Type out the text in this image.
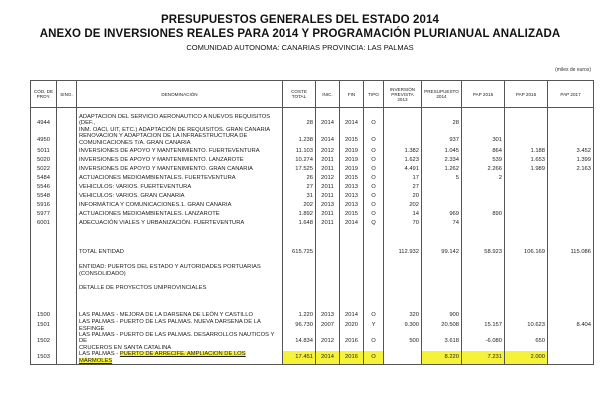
PRESUPUESTOS GENERALES DEL ESTADO 2014
ANEXO DE INVERSIONES REALES PARA 2014 Y PROGRAMACIÓN PLURIANUAL ANALIZADA
COMUNIDAD AUTONOMA: CANARIAS PROVINCIA: LAS PALMAS
(miles de euros)
CÓD. DE PROY.	SING.	DENOMINACIÓN	COSTE TOTAL	INIC.	FIN	TIPO	INVERSIÓN PREVISTA 2013	PRESUPUESTO 2014	PAP 2015	PAP 2016	PAP 2017

4944		ADAPTACIÓN DEL SERVICIO AERONÁUTICO A NUEVOS REQUISITOS (DEF.,
INM. OACI, UIT, ETC.) ADAPTACIÓN DE REQUISITOS. GRAN CANARIA	28	2014	2014	O		28			
4950		RENOVACIÓN Y ADAPTACIÓN DE LA INFRAESTRUCTURA DE
COMUNICACIONES T/A. GRAN CANARIA	1.238	2014	2015	O		937	301		
5011		INVERSIONES DE APOYO Y MANTENIMIENTO. FUERTEVENTURA	11.103	2012	2019	O	1.382	1.045	864	1.188	3.452
5020		INVERSIONES DE APOYO Y MANTENIMIENTO. LANZAROTE	10.274	2011	2019	O	1.623	2.334	539	1.653	1.399
5022		INVERSIONES DE APOYO Y MANTENIMIENTO. GRAN CANARIA	17.525	2011	2019	O	4.491	1.262	2.266	1.989	2.163
5484		ACTUACIONES MEDIOAMBIENTALES. FUERTEVENTURA	26	2012	2015	O	17	5	2		
5546		VEHICULOS: VARIOS. FUERTEVENTURA	27	2011	2013	O	27				
5548		VEHICULOS: VARIOS. GRAN CANARIA	31	2011	2013	O	20				
5916		INFORMÁTICA Y COMUNICACIONES.1. GRAN CANARIA	202	2013	2013	O	202				
5977		ACTUACIONES MEDIOAMBIENTALES. LANZAROTE	1.892	2011	2015	O	14	969	890		
6001		ADECUACIÓN VIALES Y URBANIZACIÓN. FUERTEVENTURA	1.648	2011	2014	Q	70	74			

		TOTAL ENTIDAD	615.725				112.932	99.142	58.923	106.169	115.086

		ENTIDAD: PUERTOS DEL ESTADO Y AUTORIDADES PORTUARIAS
(CONSOLIDADO)									

		DETALLE DE PROYECTOS UNIPROVINCIALES									

1500		LAS PALMAS - MEJORA DE LA DARSENA DE LEÓN Y CASTILLO	1.220	2013	2014	O	320	900			
1501		LAS PALMAS - PUERTO DE LAS PALMAS. NUEVA DÁRSENA DE LA ESFINGE	96.730	2007	2020	Y	9.300	20.508	15.157	10.623	8.404
1502		LAS PALMAS - PUERTO DE LAS PALMAS. DESARROLLOS NÁUTICOS Y DE
CRUCEROS EN SANTA CATALINA	14.834	2012	2016	O	500	3.618	-6.080	650	
1503		LAS PALMAS - PUERTO DE ARRECIFE. AMPLIACIÓN DE LOS MÁRMOLES	17.451	2014	2016	O		8.220	7.231	2.000	
